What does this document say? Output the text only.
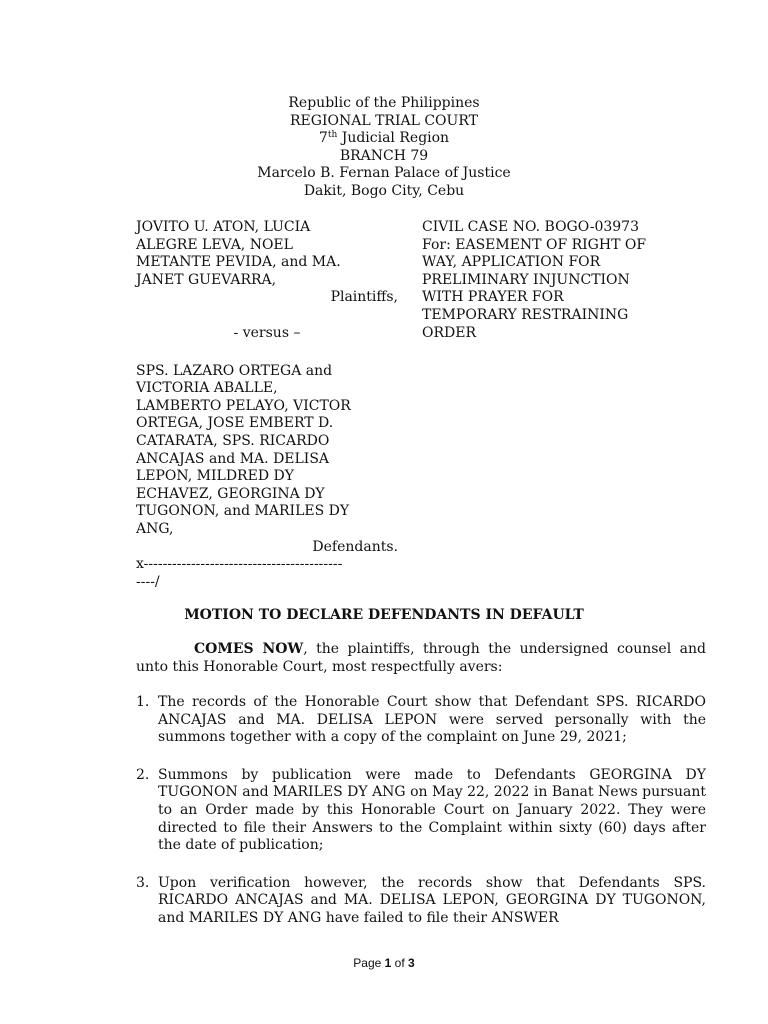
Republic of the Philippines
REGIONAL TRIAL COURT
7th Judicial Region
BRANCH 79
Marcelo B. Fernan Palace of Justice
Dakit, Bogo City, Cebu
JOVITO U. ATON, LUCIA
ALEGRE LEVA, NOEL
METANTE PEVIDA, and MA.
JANET GUEVARRA,
Plaintiffs,
- versus –
SPS. LAZARO ORTEGA and
VICTORIA ABALLE,
LAMBERTO PELAYO, VICTOR
ORTEGA, JOSE EMBERT D.
CATARATA, SPS. RICARDO
ANCAJAS and MA. DELISA
LEPON, MILDRED DY
ECHAVEZ, GEORGINA DY
TUGONON, and MARILES DY
ANG,
Defendants.
x------------------------------------------
----/
CIVIL CASE NO. BOGO-03973
For: EASEMENT OF RIGHT OF
WAY, APPLICATION FOR
PRELIMINARY INJUNCTION
WITH PRAYER FOR
TEMPORARY RESTRAINING
ORDER
MOTION TO DECLARE DEFENDANTS IN DEFAULT
COMES NOW, the plaintiffs, through the undersigned counsel and unto this Honorable Court, most respectfully avers:
1. The records of the Honorable Court show that Defendant SPS. RICARDO ANCAJAS and MA. DELISA LEPON were served personally with the summons together with a copy of the complaint on June 29, 2021;
2. Summons by publication were made to Defendants GEORGINA DY TUGONON and MARILES DY ANG on May 22, 2022 in Banat News pursuant to an Order made by this Honorable Court on January 2022. They were directed to file their Answers to the Complaint within sixty (60) days after the date of publication;
3. Upon verification however, the records show that Defendants SPS. RICARDO ANCAJAS and MA. DELISA LEPON, GEORGINA DY TUGONON, and MARILES DY ANG have failed to file their ANSWER
Page 1 of 3
